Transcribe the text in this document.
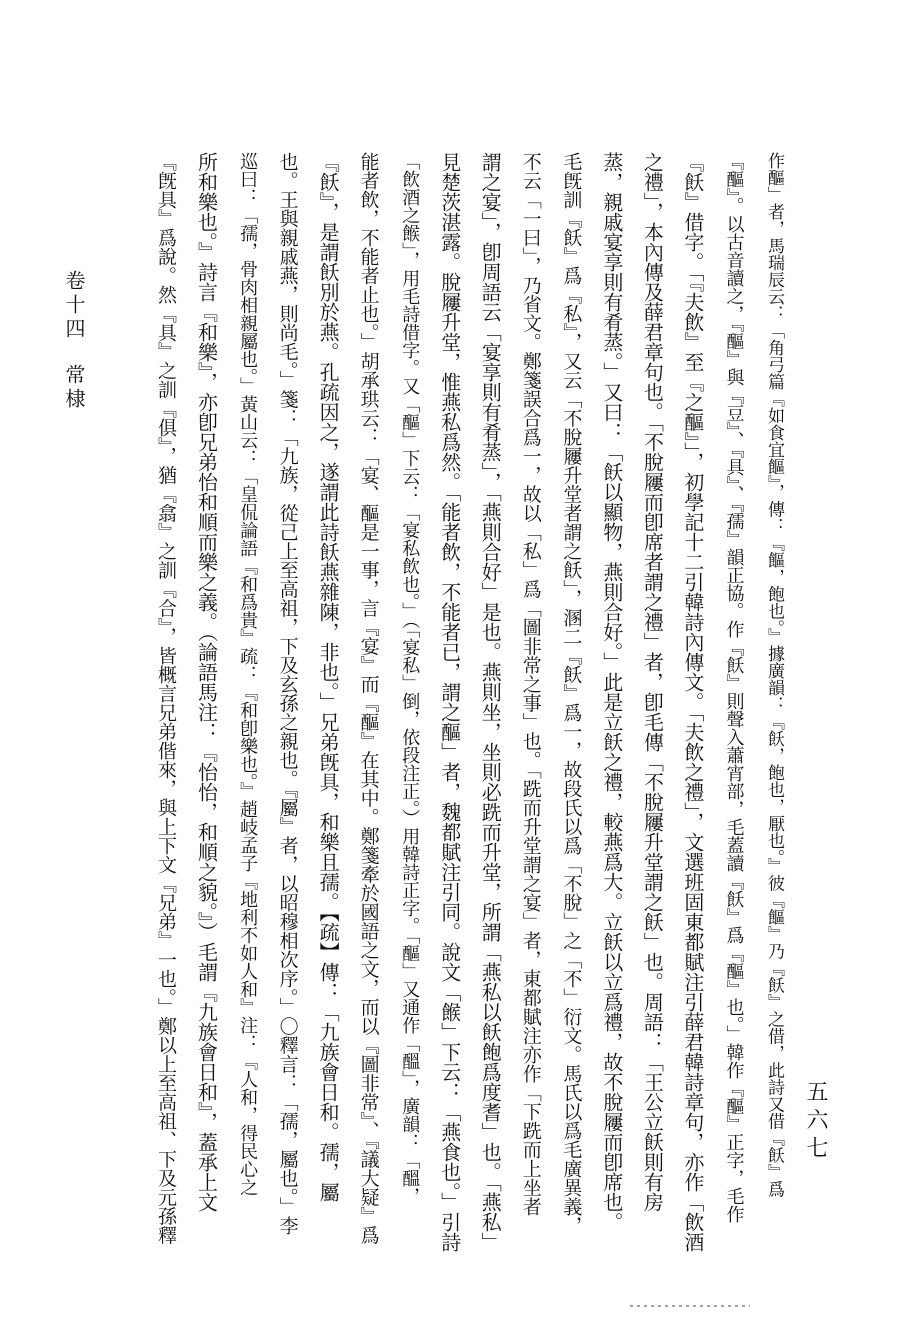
作醧」者，馬瑞辰云：「角弓篇『如食宜饇』，傳：『饇，飽也。』據廣韻：『飫，飽也，厭也。』彼『饇』乃『飫』之借，此詩又借『飫』爲
『醧』。以古音讀之，『醧』與『豆』、『具』、『孺』韻正協。作『飫』則聲入蕭宵部，毛蓋讀『飫』爲『醧』也。」韓作『醧』正字，毛作
『飫』借字。「『夫飲』至『之醧』」，初學記十二引韓詩內傳文。「夫飲之禮」，文選班固東都賦注引薛君韓詩章句，亦作「飲酒
之禮」，本內傳及薛君章句也。「不脫屨而卽席者謂之禮」者，卽毛傳「不脫屨升堂謂之飫」也。周語：「王公立飫則有房
蒸，親戚宴享則有肴蒸。」又曰：「飫以顯物，燕則合好。」此是立飫之禮，較燕爲大。立飫以立爲禮，故不脫屨而卽席也。
毛旣訓『飫』爲『私』，又云「不脫屨升堂者謂之飫」，溷二『飫』爲一，故段氏以爲「不脫」之「不」衍文。馬氏以爲毛廣異義，
不云「一曰」，乃省文。鄭箋誤合爲一，故以「私」爲「圖非常之事」也。「跣而升堂謂之宴」者，東都賦注亦作「下跣而上坐者
謂之宴」，卽周語云「宴享則有肴蒸」，「燕則合好」是也。燕則坐，坐則必跣而升堂，所謂「燕私以飫飽爲度耆」也。「燕私」
見楚茨湛露。脫屨升堂，惟燕私爲然。「能者飲，不能者已，謂之醧」者，魏都賦注引同。說文「餱」下云：「燕食也。」引詩
「飲酒之餱」，用毛詩借字。又「醧」下云：「宴私飲也。」（「宴私」倒，依段注正。）用韓詩正字。「醧」又通作「醞」，廣韻：「醞，
能者飲，不能者止也。」胡承珙云：「宴、醧是一事，言『宴』而『醧』在其中。鄭箋牽於國語之文，而以『圖非常』、『議大疑』爲
『飫』，是謂飫別於燕。孔疏因之，遂謂此詩飫燕雜陳，非也。」兄弟旣具，和樂且孺。【疏】傳：「九族會日和。孺，屬
也。王與親戚燕，則尚毛。」箋：「九族，從己上至高祖，下及玄孫之親也。『屬』者，以昭穆相次序。」〇釋言：「孺，屬也。」李
巡曰：「孺，骨肉相親屬也。」黃山云：「皇侃論語『和爲貴』疏：『和卽樂也。』趙岐孟子『地利不如人和』注：『人和，得民心之
所和樂也。』詩言『和樂』，亦卽兄弟怡和順而樂之義。（論語馬注：『怡怡，和順之貌。』）毛謂『九族會日和』，蓋承上文
『旣具』爲說。然『具』之訓『俱』，猶『翕』之訓『合』，皆概言兄弟偕來，與上下文『兄弟』一也。」鄭以上至高祖、下及元孫釋
卷十四
常棣
五六七
